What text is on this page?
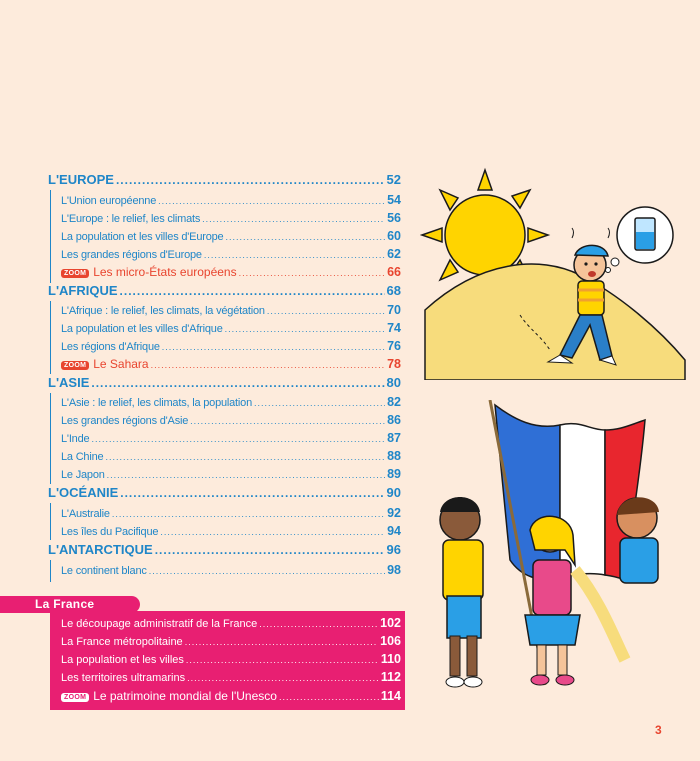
L'EUROPE .....	52
L'Union européenne .....	54
L'Europe : le relief, les climats .....	56
La population et les villes d'Europe .....	60
Les grandes régions d'Europe .....	62
ZOOM Les micro-États européens .....	66
L'AFRIQUE .....	68
L'Afrique : le relief, les climats, la végétation .....	70
La population et les villes d'Afrique .....	74
Les régions d'Afrique .....	76
ZOOM Le Sahara .....	78
L'ASIE .....	80
L'Asie : le relief, les climats, la population .....	82
Les grandes régions d'Asie .....	86
L'Inde .....	87
La Chine .....	88
Le Japon .....	89
L'OCÉANIE .....	90
L'Australie .....	92
Les îles du Pacifique .....	94
L'ANTARCTIQUE .....	96
Le continent blanc .....	98
La France
Le découpage administratif de la France .....	102
La France métropolitaine .....	106
La population et les villes .....	110
Les territoires ultramarins .....	112
ZOOM Le patrimoine mondial de l'Unesco .....	114
3
